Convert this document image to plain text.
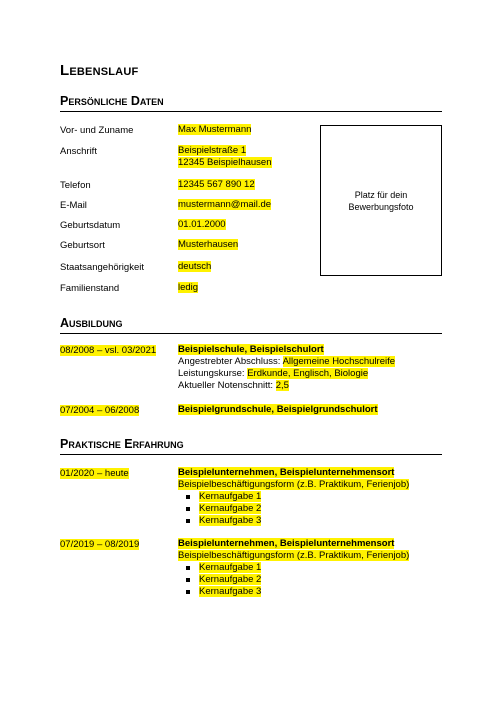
Lebenslauf
Persönliche Daten
Vor- und Zuname	Max Mustermann
Anschrift	Beispielstraße 1
12345 Beispielhausen
Telefon	12345 567 890 12
E-Mail	mustermann@mail.de
Geburtsdatum	01.01.2000
Geburtsort	Musterhausen
Staatsangehörigkeit	deutsch
Familienstand	ledig
Platz für dein Bewerbungsfoto
Ausbildung
08/2008 – vsl. 03/2021 Beispielschule, Beispielschulort
Angestrebter Abschluss: Allgemeine Hochschulreife
Leistungskurse: Erdkunde, Englisch, Biologie
Aktueller Notenschnitt: 2,5
07/2004 – 06/2008	Beispielgrundschule, Beispielgrundschulort
Praktische Erfahrung
01/2020 – heute	Beispielunternehmen, Beispielunternehmensort
Beispielbeschäftigungsform (z.B. Praktikum, Ferienjob)
Kernaufgabe 1
Kernaufgabe 2
Kernaufgabe 3
07/2019 – 08/2019	Beispielunternehmen, Beispielunternehmensort
Beispielbeschäftigungsform (z.B. Praktikum, Ferienjob)
Kernaufgabe 1
Kernaufgabe 2
Kernaufgabe 3
